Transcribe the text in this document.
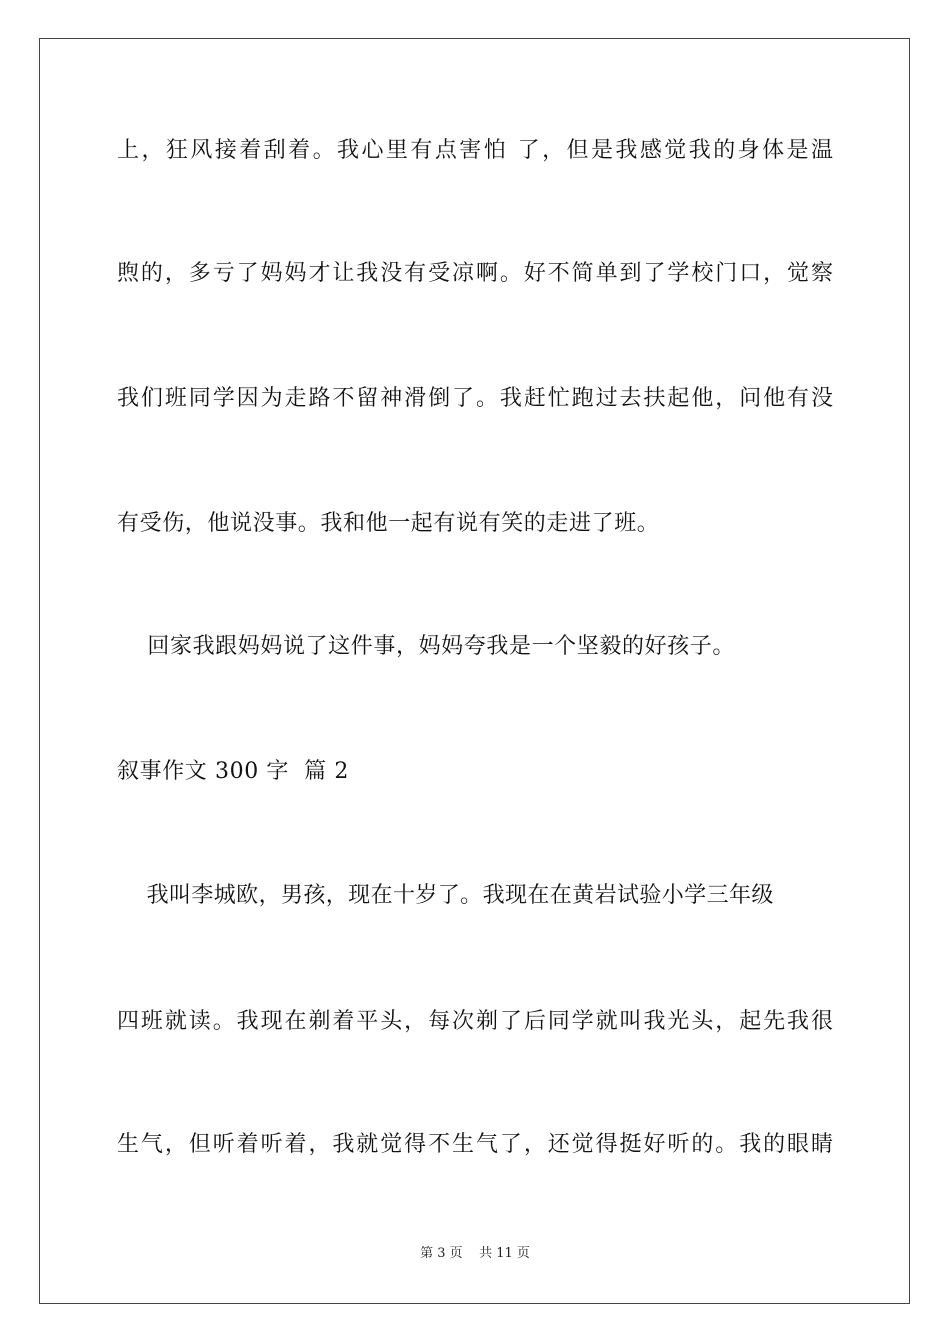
上，狂风接着刮着。我心里有点害怕 了，但是我感觉我的身体是温
煦的，多亏了妈妈才让我没有受凉啊。好不简单到了学校门口，觉察
我们班同学因为走路不留神滑倒了。我赶忙跑过去扶起他，问他有没
有受伤，他说没事。我和他一起有说有笑的走进了班。
回家我跟妈妈说了这件事，妈妈夸我是一个坚毅的好孩子。
叙事作文 300 字  篇 2
我叫李城欧，男孩，现在十岁了。我现在在黄岩试验小学三年级
四班就读。我现在剃着平头，每次剃了后同学就叫我光头，起先我很
生气，但听着听着，我就觉得不生气了，还觉得挺好听的。我的眼睛
第 3 页    共 11 页
